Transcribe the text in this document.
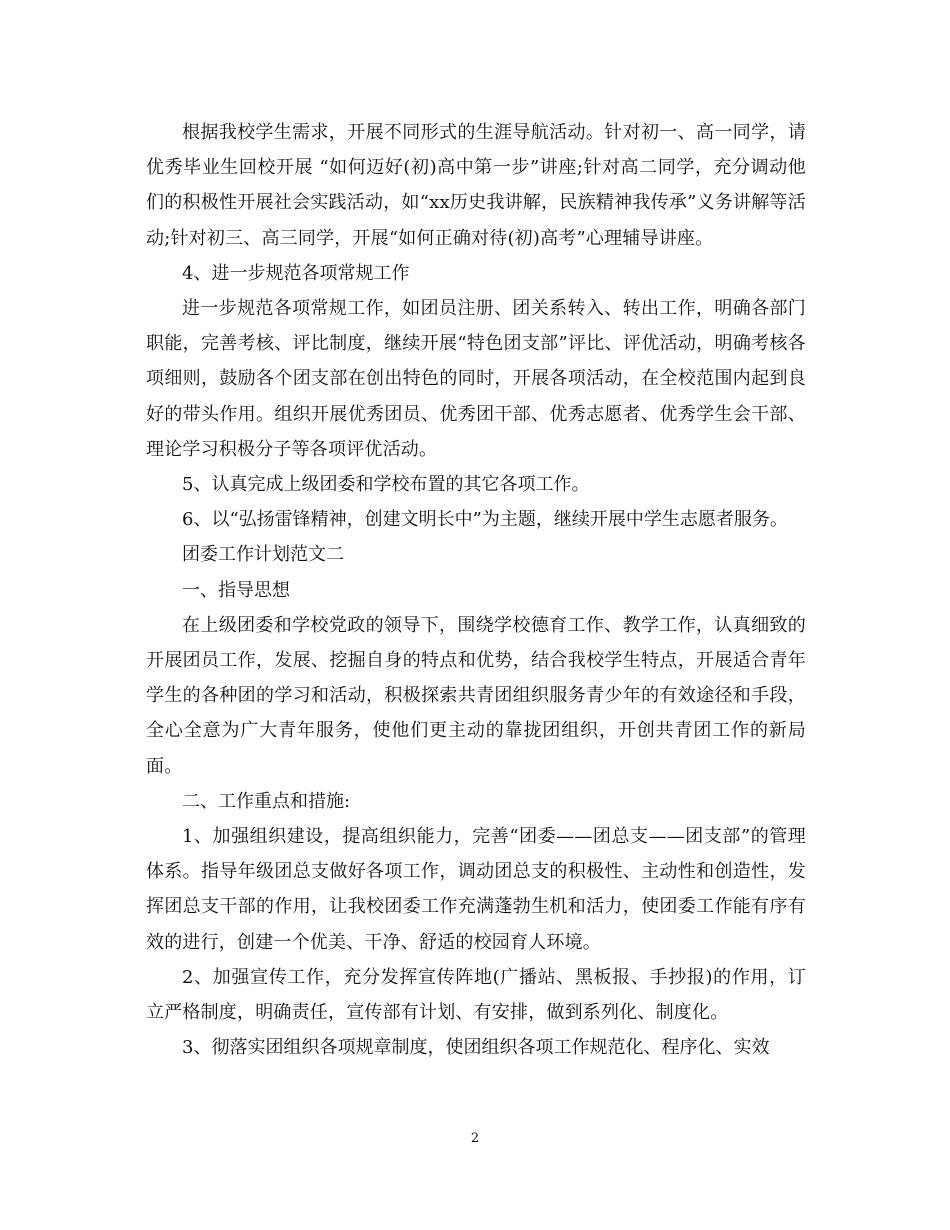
根据我校学生需求，开展不同形式的生涯导航活动。针对初一、高一同学，请优秀毕业生回校开展 “如何迈好(初)高中第一步”讲座;针对高二同学，充分调动他们的积极性开展社会实践活动，如“xx历史我讲解，民族精神我传承”义务讲解等活动;针对初三、高三同学，开展“如何正确对待(初)高考”心理辅导讲座。

4、进一步规范各项常规工作

进一步规范各项常规工作，如团员注册、团关系转入、转出工作，明确各部门职能，完善考核、评比制度，继续开展“特色团支部”评比、评优活动，明确考核各项细则，鼓励各个团支部在创出特色的同时，开展各项活动，在全校范围内起到良好的带头作用。组织开展优秀团员、优秀团干部、优秀志愿者、优秀学生会干部、理论学习积极分子等各项评优活动。

5、认真完成上级团委和学校布置的其它各项工作。

6、以“弘扬雷锋精神，创建文明长中”为主题，继续开展中学生志愿者服务。

团委工作计划范文二

一、指导思想

在上级团委和学校党政的领导下，围绕学校德育工作、教学工作，认真细致的开展团员工作，发展、挖掘自身的特点和优势，结合我校学生特点，开展适合青年学生的各种团的学习和活动，积极探索共青团组织服务青少年的有效途径和手段，全心全意为广大青年服务，使他们更主动的靠拢团组织，开创共青团工作的新局面。

二、工作重点和措施:

1、加强组织建设，提高组织能力，完善“团委——团总支——团支部”的管理体系。指导年级团总支做好各项工作，调动团总支的积极性、主动性和创造性，发挥团总支干部的作用，让我校团委工作充满蓬勃生机和活力，使团委工作能有序有效的进行，创建一个优美、干净、舒适的校园育人环境。

2、加强宣传工作，充分发挥宣传阵地(广播站、黑板报、手抄报)的作用，订立严格制度，明确责任，宣传部有计划、有安排，做到系列化、制度化。

3、彻落实团组织各项规章制度，使团组织各项工作规范化、程序化、实效

2
